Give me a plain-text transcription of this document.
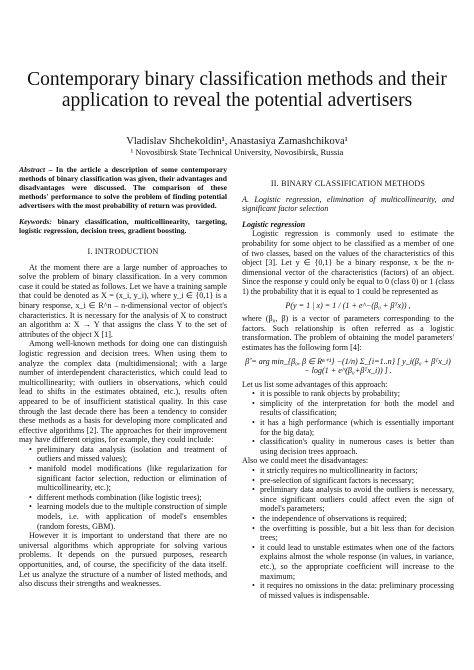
Contemporary binary classification methods and their application to reveal the potential advertisers
Vladislav Shchekoldin¹, Anastasiya Zamashchikova¹
¹ Novosibirsk State Technical University, Novosibirsk, Russia

Abstract – In the article a description of some contemporary methods of binary classification was given, their advantages and disadvantages were discussed. The comparison of these methods' performance to solve the problem of finding potential advertisers with the most probability of return was provided.

Keywords: binary classification, multicollinearity, targeting, logistic regression, decision trees, gradient boosting.

I. INTRODUCTION

At the moment there are a large number of approaches to solve the problem of binary classification. In a very common case it could be stated as follows. Let we have a training sample that could be denoted as X = (x_i, y_i), where y_i ∈ {0,1} is a binary response, x_i ∈ R^n – n-dimensional vector of object's characteristics. It is necessary for the analysis of X to construct an algorithm a: X → Y that assigns the class Y to the set of attributes of the object X [1].

Among well-known methods for doing one can distinguish logistic regression and decision trees. When using them to analyze the complex data (multidimensional; with a large number of interdependent characteristics, which could lead to multicollinearity; with outliers in observations, which could lead to shifts in the estimates obtained, etc.), results often appeared to be of insufficient statistical quality. In this case through the last decade there has been a tendency to consider these methods as a basis for developing more complicated and effective algorithms [2]. The approaches for their improvement may have different origins, for example, they could include:

• preliminary data analysis (isolation and treatment of outliers and missed values);
• manifold model modifications (like regularization for significant factor selection, reduction or elimination of multicollinearity, etc.);
• different methods combination (like logistic trees);
• learning models due to the multiple construction of simple models, i.e. with application of model's ensembles (random forests, GBM).

However it is important to understand that there are no universal algorithms which appropriate for solving various problems. It depends on the pursued purposes, research opportunities, and, of course, the specificity of the data itself. Let us analyze the structure of a number of listed methods, and also discuss their strengths and weaknesses.

II. BINARY CLASSIFICATION METHODS

A. Logistic regression, elimination of multicollinearity, and significant factor selection

Logistic regression

Logistic regression is commonly used to estimate the probability for some object to be classified as a member of one of two classes, based on the values of the characteristics of this object [3]. Let y ∈ {0,1} be a binary response, x be the n-dimensional vector of the characteristics (factors) of an object. Since the response y could only be equal to 0 (class 0) or 1 (class 1) the probability that it is equal to 1 could be represented as

P(y = 1 | x) = 1 / (1 + e^−(β₀ + βᵀx)) ,

where (β₀, β) is a vector of parameters corresponding to the factors. Such relationship is often referred as a logistic transformation. The problem of obtaining the model parameters' estimates has the following form [4]:

β̂ = arg min_{β₀, β ∈ Rⁿ⁺¹} −(1/n) Σ_{i=1..n} [ y_i(β₀ + βᵀx_i) − log(1 + e^(β₀+βᵀx_i)) ] .

Let us list some advantages of this approach:

• it is possible to rank objects by probability;
• simplicity of the interpretation for both the model and results of classification;
• it has a high performance (which is essentially important for the big data);
• classification's quality in numerous cases is better than using decision trees approach.

Also we could meet the disadvantages:

• it strictly requires no multicollinearity in factors;
• pre-selection of significant factors is necessary;
• preliminary data analysis to avoid the outliers is necessary, since significant outliers could affect even the sign of model's parameters;
• the independence of observations is required;
• the overfitting is possible, but a bit less than for decision trees;
• it could lead to unstable estimates when one of the factors explains almost the whole response (in values, in variance, etc.), so the appropriate coefficient will increase to the maximum;
• it requires no omissions in the data: preliminary processing of missed values is indispensable.
